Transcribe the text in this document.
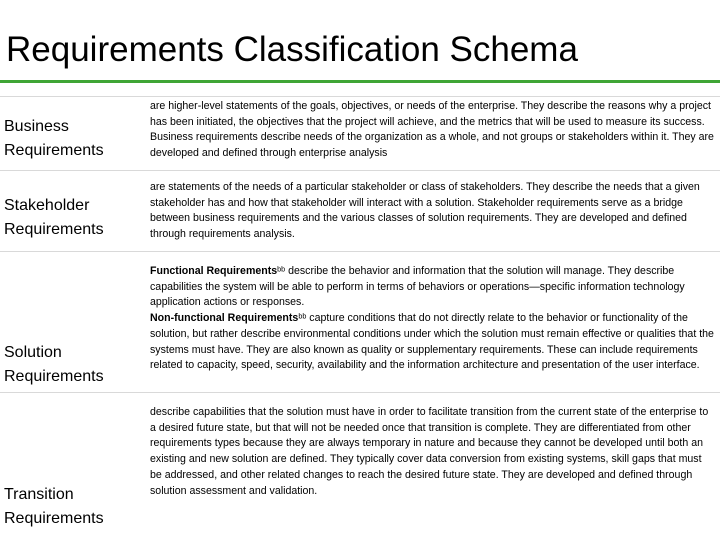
Requirements Classification Schema

Business Requirements

are higher-level statements of the goals, objectives, or needs of the enterprise. They describe the reasons why a project has been initiated, the objectives that the project will achieve, and the metrics that will be used to measure its success. Business requirements describe needs of the organization as a whole, and not groups or stakeholders within it. They are developed and defined through enterprise analysis

Stakeholder Requirements

are statements of the needs of a particular stakeholder or class of stakeholders. They describe the needs that a given stakeholder has and how that stakeholder will interact with a solution. Stakeholder requirements serve as a bridge between business requirements and the various classes of solution requirements. They are developed and defined through requirements analysis.

Solution Requirements

Functional Requirementsᵇᵇ describe the behavior and information that the solution will manage. They describe capabilities the system will be able to perform in terms of behaviors or operations—specific information technology application actions or responses.
Non-functional Requirementsᵇᵇ capture conditions that do not directly relate to the behavior or functionality of the solution, but rather describe environmental conditions under which the solution must remain effective or qualities that the systems must have. They are also known as quality or supplementary requirements. These can include requirements related to capacity, speed, security, availability and the information architecture and presentation of the user interface.

Transition Requirements

describe capabilities that the solution must have in order to facilitate transition from the current state of the enterprise to a desired future state, but that will not be needed once that transition is complete. They are differentiated from other requirements types because they are always temporary in nature and because they cannot be developed until both an existing and new solution are defined. They typically cover data conversion from existing systems, skill gaps that must be addressed, and other related changes to reach the desired future state. They are developed and defined through solution assessment and validation.
